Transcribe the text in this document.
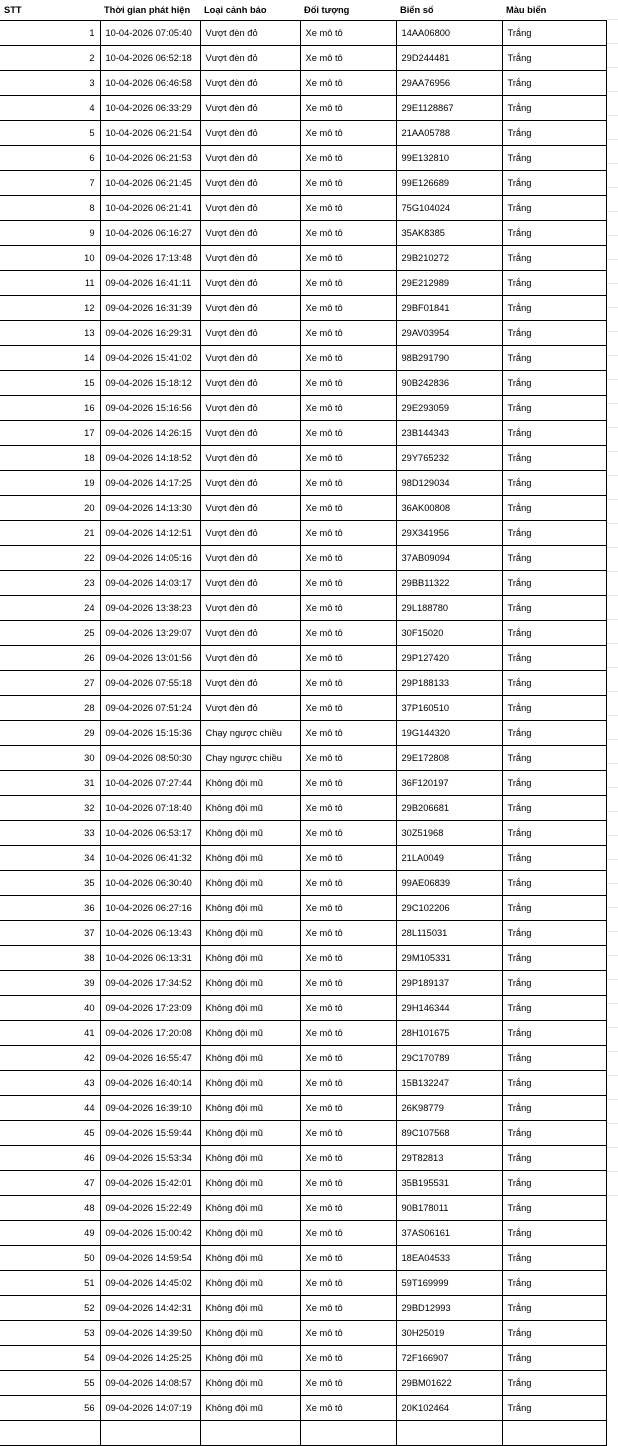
STT	Thời gian phát hiện	Loại cảnh báo	Đối tượng	Biển số	Màu biển
1	10-04-2026 07:05:40	Vượt đèn đỏ	Xe mô tô	14AA06800	Trắng
2	10-04-2026 06:52:18	Vượt đèn đỏ	Xe mô tô	29D244481	Trắng
3	10-04-2026 06:46:58	Vượt đèn đỏ	Xe mô tô	29AA76956	Trắng
4	10-04-2026 06:33:29	Vượt đèn đỏ	Xe mô tô	29E1128867	Trắng
5	10-04-2026 06:21:54	Vượt đèn đỏ	Xe mô tô	21AA05788	Trắng
6	10-04-2026 06:21:53	Vượt đèn đỏ	Xe mô tô	99E132810	Trắng
7	10-04-2026 06:21:45	Vượt đèn đỏ	Xe mô tô	99E126689	Trắng
8	10-04-2026 06:21:41	Vượt đèn đỏ	Xe mô tô	75G104024	Trắng
9	10-04-2026 06:16:27	Vượt đèn đỏ	Xe mô tô	35AK8385	Trắng
10	09-04-2026 17:13:48	Vượt đèn đỏ	Xe mô tô	29B210272	Trắng
11	09-04-2026 16:41:11	Vượt đèn đỏ	Xe mô tô	29E212989	Trắng
12	09-04-2026 16:31:39	Vượt đèn đỏ	Xe mô tô	29BF01841	Trắng
13	09-04-2026 16:29:31	Vượt đèn đỏ	Xe mô tô	29AV03954	Trắng
14	09-04-2026 15:41:02	Vượt đèn đỏ	Xe mô tô	98B291790	Trắng
15	09-04-2026 15:18:12	Vượt đèn đỏ	Xe mô tô	90B242836	Trắng
16	09-04-2026 15:16:56	Vượt đèn đỏ	Xe mô tô	29E293059	Trắng
17	09-04-2026 14:26:15	Vượt đèn đỏ	Xe mô tô	23B144343	Trắng
18	09-04-2026 14:18:52	Vượt đèn đỏ	Xe mô tô	29Y765232	Trắng
19	09-04-2026 14:17:25	Vượt đèn đỏ	Xe mô tô	98D129034	Trắng
20	09-04-2026 14:13:30	Vượt đèn đỏ	Xe mô tô	36AK00808	Trắng
21	09-04-2026 14:12:51	Vượt đèn đỏ	Xe mô tô	29X341956	Trắng
22	09-04-2026 14:05:16	Vượt đèn đỏ	Xe mô tô	37AB09094	Trắng
23	09-04-2026 14:03:17	Vượt đèn đỏ	Xe mô tô	29BB11322	Trắng
24	09-04-2026 13:38:23	Vượt đèn đỏ	Xe mô tô	29L188780	Trắng
25	09-04-2026 13:29:07	Vượt đèn đỏ	Xe mô tô	30F15020	Trắng
26	09-04-2026 13:01:56	Vượt đèn đỏ	Xe mô tô	29P127420	Trắng
27	09-04-2026 07:55:18	Vượt đèn đỏ	Xe mô tô	29P188133	Trắng
28	09-04-2026 07:51:24	Vượt đèn đỏ	Xe mô tô	37P160510	Trắng
29	09-04-2026 15:15:36	Chạy ngược chiều	Xe mô tô	19G144320	Trắng
30	09-04-2026 08:50:30	Chạy ngược chiều	Xe mô tô	29E172808	Trắng
31	10-04-2026 07:27:44	Không đội mũ	Xe mô tô	36F120197	Trắng
32	10-04-2026 07:18:40	Không đội mũ	Xe mô tô	29B206681	Trắng
33	10-04-2026 06:53:17	Không đội mũ	Xe mô tô	30Z51968	Trắng
34	10-04-2026 06:41:32	Không đội mũ	Xe mô tô	21LA0049	Trắng
35	10-04-2026 06:30:40	Không đội mũ	Xe mô tô	99AE06839	Trắng
36	10-04-2026 06:27:16	Không đội mũ	Xe mô tô	29C102206	Trắng
37	10-04-2026 06:13:43	Không đội mũ	Xe mô tô	28L115031	Trắng
38	10-04-2026 06:13:31	Không đội mũ	Xe mô tô	29M105331	Trắng
39	09-04-2026 17:34:52	Không đội mũ	Xe mô tô	29P189137	Trắng
40	09-04-2026 17:23:09	Không đội mũ	Xe mô tô	29H146344	Trắng
41	09-04-2026 17:20:08	Không đội mũ	Xe mô tô	28H101675	Trắng
42	09-04-2026 16:55:47	Không đội mũ	Xe mô tô	29C170789	Trắng
43	09-04-2026 16:40:14	Không đội mũ	Xe mô tô	15B132247	Trắng
44	09-04-2026 16:39:10	Không đội mũ	Xe mô tô	26K98779	Trắng
45	09-04-2026 15:59:44	Không đội mũ	Xe mô tô	89C107568	Trắng
46	09-04-2026 15:53:34	Không đội mũ	Xe mô tô	29T82813	Trắng
47	09-04-2026 15:42:01	Không đội mũ	Xe mô tô	35B195531	Trắng
48	09-04-2026 15:22:49	Không đội mũ	Xe mô tô	90B178011	Trắng
49	09-04-2026 15:00:42	Không đội mũ	Xe mô tô	37AS06161	Trắng
50	09-04-2026 14:59:54	Không đội mũ	Xe mô tô	18EA04533	Trắng
51	09-04-2026 14:45:02	Không đội mũ	Xe mô tô	59T169999	Trắng
52	09-04-2026 14:42:31	Không đội mũ	Xe mô tô	29BD12993	Trắng
53	09-04-2026 14:39:50	Không đội mũ	Xe mô tô	30H25019	Trắng
54	09-04-2026 14:25:25	Không đội mũ	Xe mô tô	72F166907	Trắng
55	09-04-2026 14:08:57	Không đội mũ	Xe mô tô	29BM01622	Trắng
56	09-04-2026 14:07:19	Không đội mũ	Xe mô tô	20K102464	Trắng
